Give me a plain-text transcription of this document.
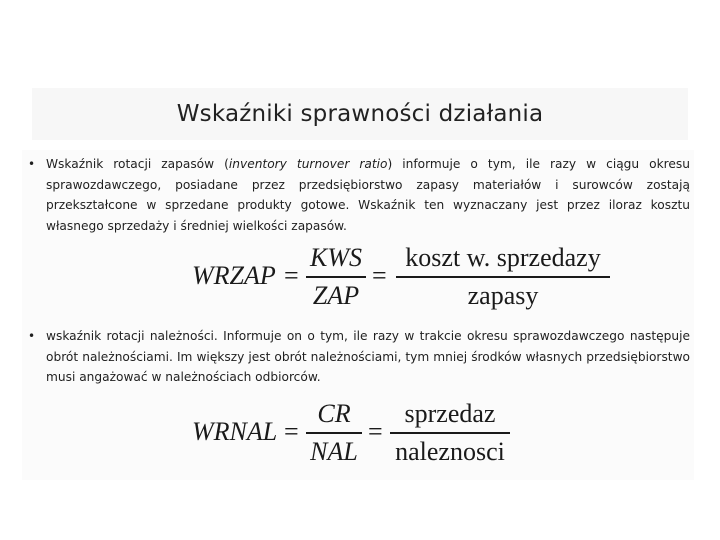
Wskaźniki sprawności działania
• Wskaźnik rotacji zapasów (inventory turnover ratio) informuje o tym, ile razy w ciągu okresu sprawozdawczego, posiadane przez przedsiębiorstwo zapasy materiałów i surowców zostają przekształcone w sprzedane produkty gotowe. Wskaźnik ten wyznaczany jest przez iloraz kosztu własnego sprzedaży i średniej wielkości zapasów.
WRZAP =
KWS
ZAP
=
koszt w. sprzedazy
zapasy
• wskaźnik rotacji należności. Informuje on o tym, ile razy w trakcie okresu sprawozdawczego następuje obrót należnościami. Im większy jest obrót należnościami, tym mniej środków własnych przedsiębiorstwo musi angażować w należnościach odbiorców.
WRNAL =
CR
NAL
=
sprzedaz
naleznosci
